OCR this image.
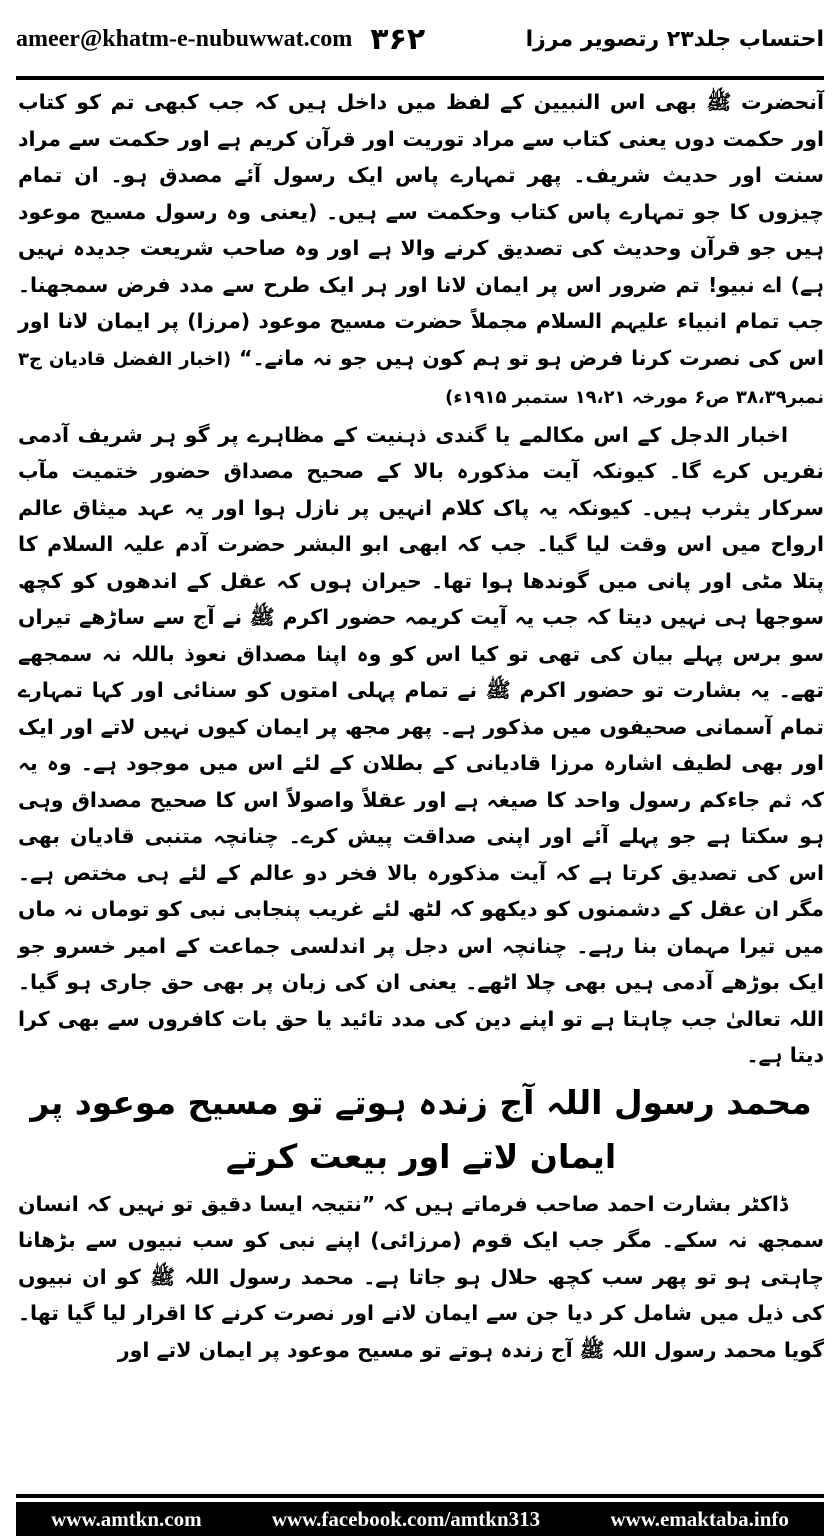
ameer@khatm-e-nubuwwat.com ۳۶۲	احتساب جلد۲۳ رتصویر مرزا

آنحضرت ﷺ بھی اس النبیین کے لفظ میں داخل ہیں کہ جب کبھی تم کو کتاب اور حکمت دوں یعنی کتاب سے مراد توریت اور قرآن کریم ہے اور حکمت سے مراد سنت اور حدیث شریف۔ پھر تمہارے پاس ایک رسول آئے مصدق ہو۔ ان تمام چیزوں کا جو تمہارے پاس کتاب وحکمت سے ہیں۔ (یعنی وہ رسول مسیح موعود ہیں جو قرآن وحدیث کی تصدیق کرنے والا ہے اور وہ صاحب شریعت جدیدہ نہیں ہے) اے نبیو! تم ضرور اس پر ایمان لانا اور ہر ایک طرح سے مدد فرض سمجھنا۔ جب تمام انبیاء علیہم السلام مجملاً حضرت مسیح موعود (مرزا) پر ایمان لانا اور اس کی نصرت کرنا فرض ہو تو ہم کون ہیں جو نہ مانے۔“ (اخبار الفضل قادیان ج۳ نمبر۳۸،۳۹ ص۶ مورخہ ۱۹،۲۱ ستمبر ۱۹۱۵ء)

اخبار الدجل کے اس مکالمے یا گندی ذہنیت کے مظاہرے پر گو ہر شریف آدمی نفریں کرے گا۔ کیونکہ آیت مذکورہ بالا کے صحیح مصداق حضور ختمیت مآب سرکار یثرب ہیں۔ کیونکہ یہ پاک کلام انہیں پر نازل ہوا اور یہ عہد میثاق عالم ارواح میں اس وقت لیا گیا۔ جب کہ ابھی ابو البشر حضرت آدم علیہ السلام کا پتلا مٹی اور پانی میں گوندھا ہوا تھا۔ حیران ہوں کہ عقل کے اندھوں کو کچھ سوجھا ہی نہیں دیتا کہ جب یہ آیت کریمہ حضور اکرم ﷺ نے آج سے ساڑھے تیراں سو برس پہلے بیان کی تھی تو کیا اس کو وہ اپنا مصداق نعوذ باللہ نہ سمجھے تھے۔ یہ بشارت تو حضور اکرم ﷺ نے تمام پہلی امتوں کو سنائی اور کہا تمہارے تمام آسمانی صحیفوں میں مذکور ہے۔ پھر مجھ پر ایمان کیوں نہیں لاتے اور ایک اور بھی لطیف اشارہ مرزا قادیانی کے بطلان کے لئے اس میں موجود ہے۔ وہ یہ کہ ثم جاءکم رسول واحد کا صیغہ ہے اور عقلاً واصولاً اس کا صحیح مصداق وہی ہو سکتا ہے جو پہلے آئے اور اپنی صداقت پیش کرے۔ چنانچہ متنبی قادیان بھی اس کی تصدیق کرتا ہے کہ آیت مذکورہ بالا فخر دو عالم کے لئے ہی مختص ہے۔ مگر ان عقل کے دشمنوں کو دیکھو کہ لٹھ لئے غریب پنجابی نبی کو توماں نہ ماں میں تیرا مہمان بنا رہے۔ چنانچہ اس دجل پر اندلسی جماعت کے امیر خسرو جو ایک بوڑھے آدمی ہیں بھی چلا اٹھے۔ یعنی ان کی زبان پر بھی حق جاری ہو گیا۔ اللہ تعالیٰ جب چاہتا ہے تو اپنے دین کی مدد تائید یا حق بات کافروں سے بھی کرا دیتا ہے۔

محمد رسول اللہ آج زندہ ہوتے تو مسیح موعود پر ایمان لاتے اور بیعت کرتے

ڈاکٹر بشارت احمد صاحب فرماتے ہیں کہ ”نتیجہ ایسا دقیق تو نہیں کہ انسان سمجھ نہ سکے۔ مگر جب ایک قوم (مرزائی) اپنے نبی کو سب نبیوں سے بڑھانا چاہتی ہو تو پھر سب کچھ حلال ہو جاتا ہے۔ محمد رسول اللہ ﷺ کو ان نبیوں کی ذیل میں شامل کر دیا جن سے ایمان لانے اور نصرت کرنے کا اقرار لیا گیا تھا۔ گویا محمد رسول اللہ ﷺ آج زندہ ہوتے تو مسیح موعود پر ایمان لاتے اور

www.amtkn.com	www.facebook.com/amtkn313	www.emaktaba.info
